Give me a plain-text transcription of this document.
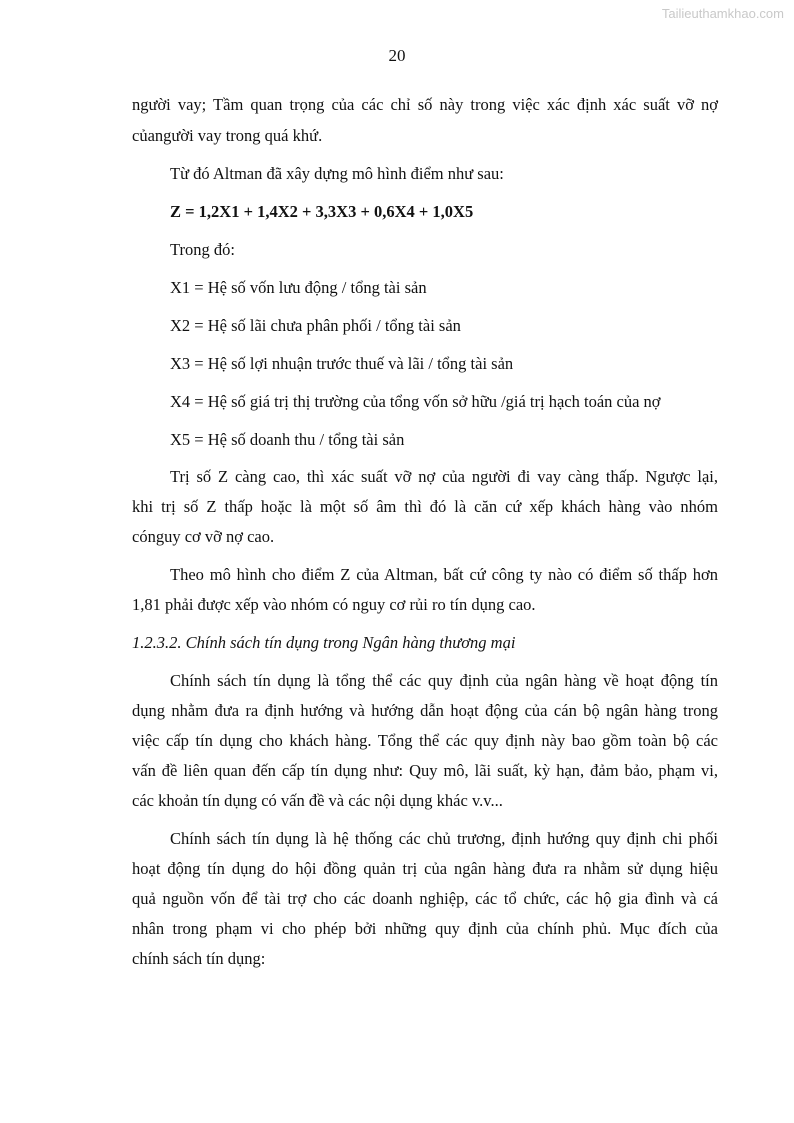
Tailieuthamkhao.com
20
người vay; Tầm quan trọng của các chỉ số này trong việc xác định xác suất vỡ nợ
củangười vay trong quá khứ.
Từ đó Altman đã xây dựng mô hình điểm như sau:
Z = 1,2X1 + 1,4X2 + 3,3X3 + 0,6X4 + 1,0X5
Trong đó:
X1 = Hệ số vốn lưu động / tổng tài sản
X2 = Hệ số lãi chưa phân phối / tổng tài sản
X3 = Hệ số lợi nhuận trước thuế và lãi / tổng tài sản
X4 = Hệ số giá trị thị trường của tổng vốn sở hữu /giá trị hạch toán của nợ
X5 = Hệ số doanh thu / tổng tài sản
Trị số Z càng cao, thì xác suất vỡ nợ của người đi vay càng thấp. Ngược lại,
khi trị số Z thấp hoặc là một số âm thì đó là căn cứ xếp khách hàng vào nhóm
cónguy cơ vỡ nợ cao.
Theo mô hình cho điểm Z của Altman, bất cứ công ty nào có điểm số thấp hơn
1,81 phải được xếp vào nhóm có nguy cơ rủi ro tín dụng cao.
1.2.3.2. Chính sách tín dụng trong Ngân hàng thương mại
Chính sách tín dụng là tổng thể các quy định của ngân hàng về hoạt động tín
dụng nhằm đưa ra định hướng và hướng dẫn hoạt động của cán bộ ngân hàng trong
việc cấp tín dụng cho khách hàng. Tổng thể các quy định này bao gồm toàn bộ các
vấn đề liên quan đến cấp tín dụng như: Quy mô, lãi suất, kỳ hạn, đảm bảo, phạm vi,
các khoản tín dụng có vấn đề và các nội dụng khác v.v...
Chính sách tín dụng là hệ thống các chủ trương, định hướng quy định chi phối
hoạt động tín dụng do hội đồng quản trị của ngân hàng đưa ra nhằm sử dụng hiệu
quả nguồn vốn để tài trợ cho các doanh nghiệp, các tổ chức, các hộ gia đình và cá
nhân trong phạm vi cho phép bởi những quy định của chính phủ. Mục đích của
chính sách tín dụng:
